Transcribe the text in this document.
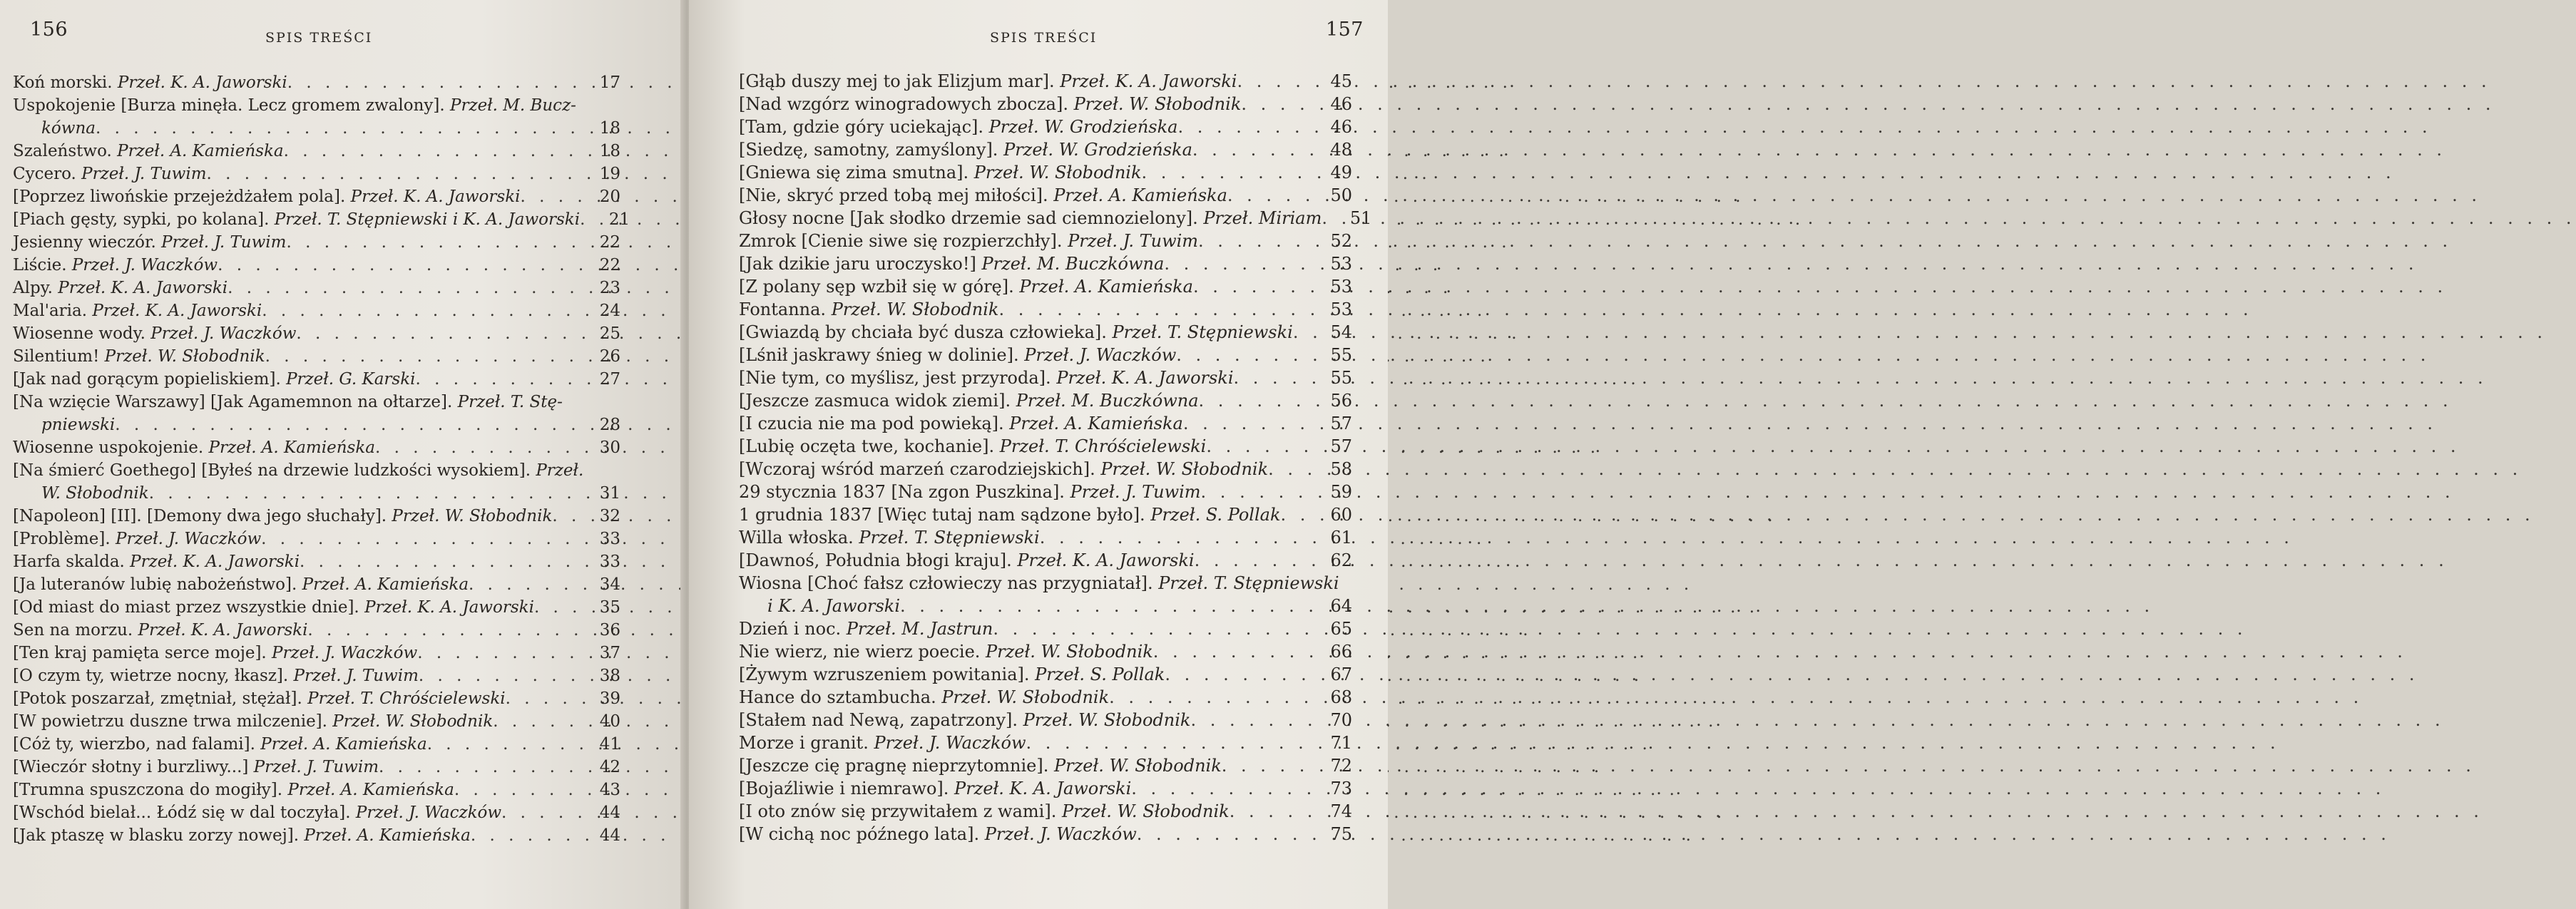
156	SPIS TREŚCI
Koń morski. Przeł. K. A. Jaworski . . .	17
Uspokojenie [Burza minęła. Lecz gromem zwalony]. Przeł. M. Bucz-
kówna . . .	18
Szaleństwo. Przeł. A. Kamieńska . . .	18
Cycero. Przeł. J. Tuwim . . .	19
[Poprzez liwońskie przejeżdżałem pola]. Przeł. K. A. Jaworski . . .	20
[Piach gęsty, sypki, po kolana]. Przeł. T. Stępniewski i K. A. Jaworski . . .	21
Jesienny wieczór. Przeł. J. Tuwim . . .	22
Liście. Przeł. J. Waczków . . .	22
Alpy. Przeł. K. A. Jaworski . . .	23
Mal'aria. Przeł. K. A. Jaworski . . .	24
Wiosenne wody. Przeł. J. Waczków . . .	25
Silentium! Przeł. W. Słobodnik . . .	26
[Jak nad gorącym popieliskiem]. Przeł. G. Karski . . .	27
[Na wzięcie Warszawy] [Jak Agamemnon na ołtarze]. Przeł. T. Stę-
pniewski . . .	28
Wiosenne uspokojenie. Przeł. A. Kamieńska . . .	30
[Na śmierć Goethego] [Byłeś na drzewie ludzkości wysokiem]. Przeł.
W. Słobodnik . . .	31
[Napoleon] [II]. [Demony dwa jego słuchały]. Przeł. W. Słobodnik . . .	32
[Problème]. Przeł. J. Waczków . . .	33
Harfa skalda. Przeł. K. A. Jaworski . . .	33
[Ja luteranów lubię nabożeństwo]. Przeł. A. Kamieńska . . .	34
[Od miast do miast przez wszystkie dnie]. Przeł. K. A. Jaworski . . .	35
Sen na morzu. Przeł. K. A. Jaworski . . .	36
[Ten kraj pamięta serce moje]. Przeł. J. Waczków . . .	37
[O czym ty, wietrze nocny, łkasz]. Przeł. J. Tuwim . . .	38
[Potok poszarzał, zmętniał, stężał]. Przeł. T. Chróścielewski . . .	39
[W powietrzu duszne trwa milczenie]. Przeł. W. Słobodnik . . .	40
[Cóż ty, wierzbo, nad falami]. Przeł. A. Kamieńska . . .	41
[Wieczór słotny i burzliwy...] Przeł. J. Tuwim . . .	42
[Trumna spuszczona do mogiły]. Przeł. A. Kamieńska . . .	43
[Wschód bielał... Łódź się w dal toczyła]. Przeł. J. Waczków . . .	44
[Jak ptaszę w blasku zorzy nowej]. Przeł. A. Kamieńska . . .	44
SPIS TREŚCI	157
[Głąb duszy mej to jak Elizjum mar]. Przeł. K. A. Jaworski . . .	45
[Nad wzgórz winogradowych zbocza]. Przeł. W. Słobodnik . . .	46
[Tam, gdzie góry uciekając]. Przeł. W. Grodzieńska . . .	46
[Siedzę, samotny, zamyślony]. Przeł. W. Grodzieńska . . .	48
[Gniewa się zima smutna]. Przeł. W. Słobodnik . . .	49
[Nie, skryć przed tobą mej miłości]. Przeł. A. Kamieńska . . .	50
Głosy nocne [Jak słodko drzemie sad ciemnozielony]. Przeł. Miriam . . .	51
Zmrok [Cienie siwe się rozpierzchły]. Przeł. J. Tuwim . . .	52
[Jak dzikie jaru uroczysko!] Przeł. M. Buczkówna . . .	53
[Z polany sęp wzbił się w górę]. Przeł. A. Kamieńska . . .	53
Fontanna. Przeł. W. Słobodnik . . .	53
[Gwiazdą by chciała być dusza człowieka]. Przeł. T. Stępniewski . . .	54
[Lśnił jaskrawy śnieg w dolinie]. Przeł. J. Waczków . . .	55
[Nie tym, co myślisz, jest przyroda]. Przeł. K. A. Jaworski . . .	55
[Jeszcze zasmuca widok ziemi]. Przeł. M. Buczkówna . . .	56
[I czucia nie ma pod powieką]. Przeł. A. Kamieńska . . .	57
[Lubię oczęta twe, kochanie]. Przeł. T. Chróścielewski . . .	57
[Wczoraj wśród marzeń czarodziejskich]. Przeł. W. Słobodnik . . .	58
29 stycznia 1837 [Na zgon Puszkina]. Przeł. J. Tuwim . . .	59
1 grudnia 1837 [Więc tutaj nam sądzone było]. Przeł. S. Pollak . . .	60
Willa włoska. Przeł. T. Stępniewski . . .	61
[Dawnoś, Południa błogi kraju]. Przeł. K. A. Jaworski . . .	62
Wiosna [Choć fałsz człowieczy nas przygniatał]. Przeł. T. Stępniewski
i K. A. Jaworski . . .	64
Dzień i noc. Przeł. M. Jastrun . . .	65
Nie wierz, nie wierz poecie. Przeł. W. Słobodnik . . .	66
[Żywym wzruszeniem powitania]. Przeł. S. Pollak . . .	67
Hance do sztambucha. Przeł. W. Słobodnik . . .	68
[Stałem nad Newą, zapatrzony]. Przeł. W. Słobodnik . . .	70
Morze i granit. Przeł. J. Waczków . . .	71
[Jeszcze cię pragnę nieprzytomnie]. Przeł. W. Słobodnik . . .	72
[Bojaźliwie i niemrawo]. Przeł. K. A. Jaworski . . .	73
[I oto znów się przywitałem z wami]. Przeł. W. Słobodnik . . .	74
[W cichą noc późnego lata]. Przeł. J. Waczków . . .	75
